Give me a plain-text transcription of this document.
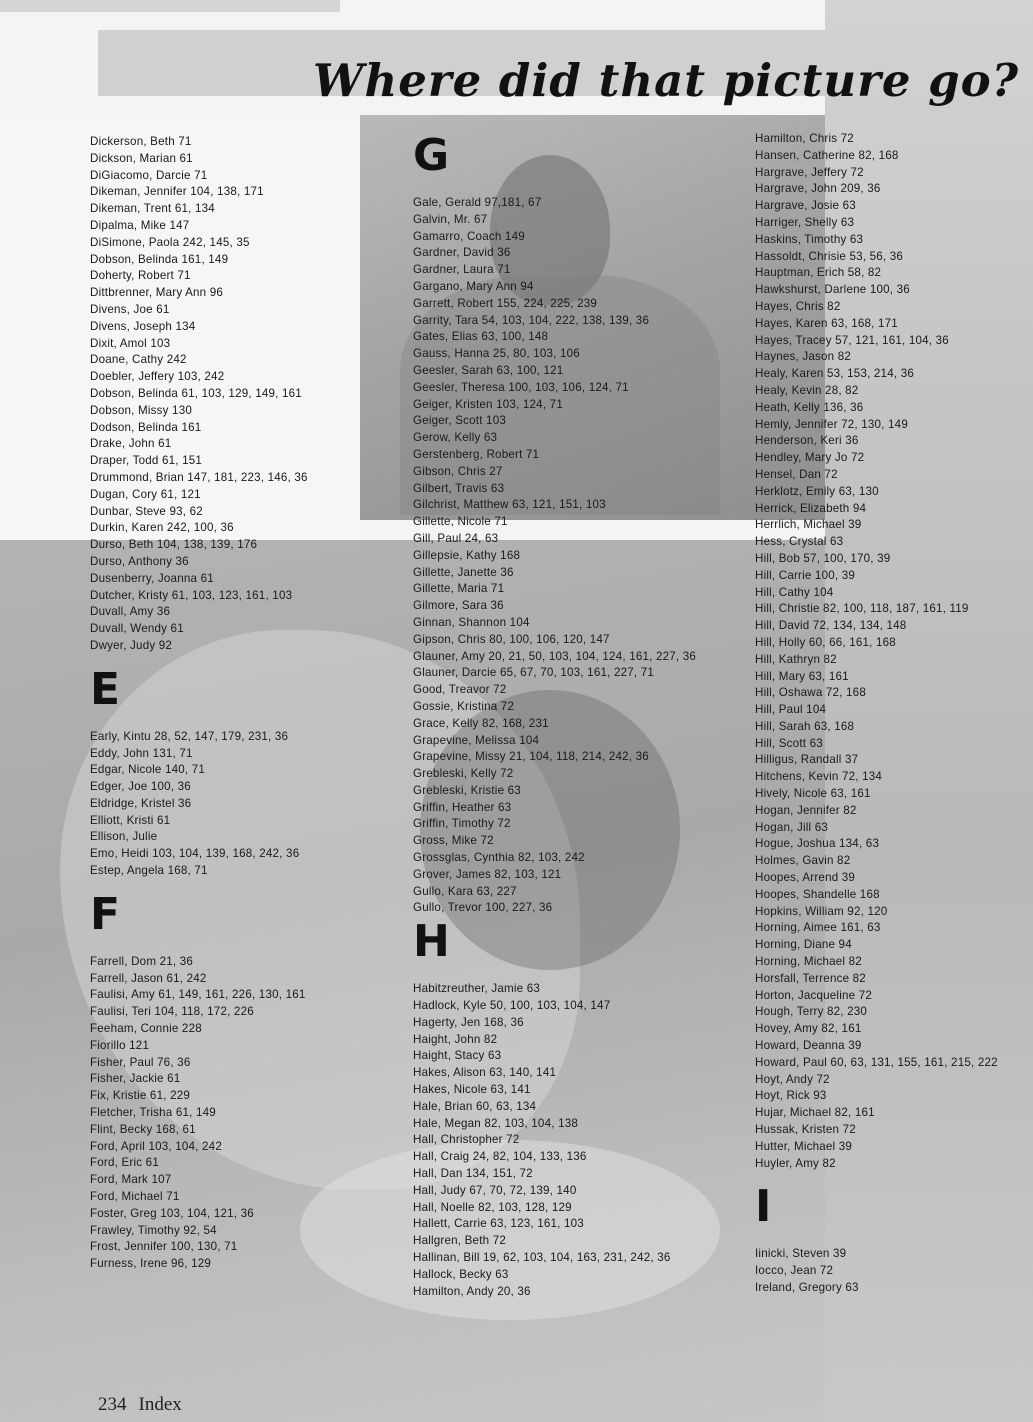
Where did that picture go?
Dickerson, Beth 71
Dickson, Marian 61
DiGiacomo, Darcie 71
Dikeman, Jennifer 104, 138, 171
Dikeman, Trent 61, 134
Dipalma, Mike 147
DiSimone, Paola 242, 145, 35
Dobson, Belinda 161, 149
Doherty, Robert 71
Dittbrenner, Mary Ann 96
Divens, Joe 61
Divens, Joseph 134
Dixit, Amol 103
Doane, Cathy 242
Doebler, Jeffery 103, 242
Dobson, Belinda 61, 103, 129, 149, 161
Dobson, Missy 130
Dodson, Belinda 161
Drake, John 61
Draper, Todd 61, 151
Drummond, Brian 147, 181, 223, 146, 36
Dugan, Cory 61, 121
Dunbar, Steve 93, 62
Durkin, Karen 242, 100, 36
Durso, Beth 104, 138, 139, 176
Durso, Anthony 36
Dusenberry, Joanna 61
Dutcher, Kristy 61, 103, 123, 161, 103
Duvall, Amy 36
Duvall, Wendy 61
Dwyer, Judy 92
E
Early, Kintu 28, 52, 147, 179, 231, 36
Eddy, John 131, 71
Edgar, Nicole 140, 71
Edger, Joe 100, 36
Eldridge, Kristel 36
Elliott, Kristi 61
Ellison, Julie
Emo, Heidi 103, 104, 139, 168, 242, 36
Estep, Angela 168, 71
F
Farrell, Dom 21, 36
Farrell, Jason 61, 242
Faulisi, Amy 61, 149, 161, 226, 130, 161
Faulisi, Teri 104, 118, 172, 226
Feeham, Connie 228
Fiorillo 121
Fisher, Paul 76, 36
Fisher, Jackie 61
Fix, Kristie 61, 229
Fletcher, Trisha 61, 149
Flint, Becky 168, 61
Ford, April 103, 104, 242
Ford, Eric 61
Ford, Mark 107
Ford, Michael 71
Foster, Greg 103, 104, 121, 36
Frawley, Timothy 92, 54
Frost, Jennifer 100, 130, 71
Furness, Irene 96, 129
G
Gale, Gerald 97,181, 67
Galvin, Mr. 67
Gamarro, Coach 149
Gardner, David 36
Gardner, Laura 71
Gargano, Mary Ann 94
Garrett, Robert 155, 224, 225, 239
Garrity, Tara 54, 103, 104, 222, 138, 139, 36
Gates, Elias 63, 100, 148
Gauss, Hanna 25, 80, 103, 106
Geesler, Sarah 63, 100, 121
Geesler, Theresa 100, 103, 106, 124, 71
Geiger, Kristen 103, 124, 71
Geiger, Scott 103
Gerow, Kelly 63
Gerstenberg, Robert 71
Gibson, Chris 27
Gilbert, Travis 63
Gilchrist, Matthew 63, 121, 151, 103
Gillette, Nicole 71
Gill, Paul 24, 63
Gillepsie, Kathy 168
Gillette, Janette 36
Gillette, Maria 71
Gilmore, Sara 36
Ginnan, Shannon 104
Gipson, Chris 80, 100, 106, 120, 147
Glauner, Amy 20, 21, 50, 103, 104, 124, 161, 227, 36
Glauner, Darcie 65, 67, 70, 103, 161, 227, 71
Good, Treavor 72
Gossie, Kristina 72
Grace, Kelly 82, 168, 231
Grapevine, Melissa 104
Grapevine, Missy 21, 104, 118, 214, 242, 36
Grebleski, Kelly 72
Grebleski, Kristie 63
Griffin, Heather 63
Griffin, Timothy 72
Gross, Mike 72
Grossglas, Cynthia 82, 103, 242
Grover, James 82, 103, 121
Gullo, Kara 63, 227
Gullo, Trevor 100, 227, 36
H
Habitzreuther, Jamie 63
Hadlock, Kyle 50, 100, 103, 104, 147
Hagerty, Jen 168, 36
Haight, John 82
Haight, Stacy 63
Hakes, Alison 63, 140, 141
Hakes, Nicole 63, 141
Hale, Brian 60, 63, 134
Hale, Megan 82, 103, 104, 138
Hall, Christopher 72
Hall, Craig 24, 82, 104, 133, 136
Hall, Dan 134, 151, 72
Hall, Judy 67, 70, 72, 139, 140
Hall, Noelle 82, 103, 128, 129
Hallett, Carrie 63, 123, 161, 103
Hallgren, Beth 72
Hallinan, Bill 19, 62, 103, 104, 163, 231, 242, 36
Hallock, Becky 63
Hamilton, Andy 20, 36
Hamilton, Chris 72
Hansen, Catherine 82, 168
Hargrave, Jeffery 72
Hargrave, John 209, 36
Hargrave, Josie 63
Harriger, Shelly 63
Haskins, Timothy 63
Hassoldt, Chrisie 53, 56, 36
Hauptman, Erich 58, 82
Hawkshurst, Darlene 100, 36
Hayes, Chris 82
Hayes, Karen 63, 168, 171
Hayes, Tracey 57, 121, 161, 104, 36
Haynes, Jason 82
Healy, Karen 53, 153, 214, 36
Healy, Kevin 28, 82
Heath, Kelly 136, 36
Hemly, Jennifer 72, 130, 149
Henderson, Keri 36
Hendley, Mary Jo 72
Hensel, Dan 72
Herklotz, Emily 63, 130
Herrick, Elizabeth 94
Herrlich, Michael 39
Hess, Crystal 63
Hill, Bob 57, 100, 170, 39
Hill, Carrie 100, 39
Hill, Cathy 104
Hill, Christie 82, 100, 118, 187, 161, 119
Hill, David 72, 134, 134, 148
Hill, Holly 60, 66, 161, 168
Hill, Kathryn 82
Hill, Mary 63, 161
Hill, Oshawa 72, 168
Hill, Paul 104
Hill, Sarah 63, 168
Hill, Scott 63
Hilligus, Randall 37
Hitchens, Kevin 72, 134
Hively, Nicole 63, 161
Hogan, Jennifer 82
Hogan, Jill 63
Hogue, Joshua 134, 63
Holmes, Gavin 82
Hoopes, Arrend 39
Hoopes, Shandelle 168
Hopkins, William 92, 120
Horning, Aimee 161, 63
Horning, Diane 94
Horning, Michael 82
Horsfall, Terrence 82
Horton, Jacqueline 72
Hough, Terry 82, 230
Hovey, Amy 82, 161
Howard, Deanna 39
Howard, Paul 60, 63, 131, 155, 161, 215, 222
Hoyt, Andy 72
Hoyt, Rick 93
Hujar, Michael 82, 161
Hussak, Kristen 72
Hutter, Michael 39
Huyler, Amy 82
I
Iinicki, Steven 39
Iocco, Jean 72
Ireland, Gregory 63
234 Index
